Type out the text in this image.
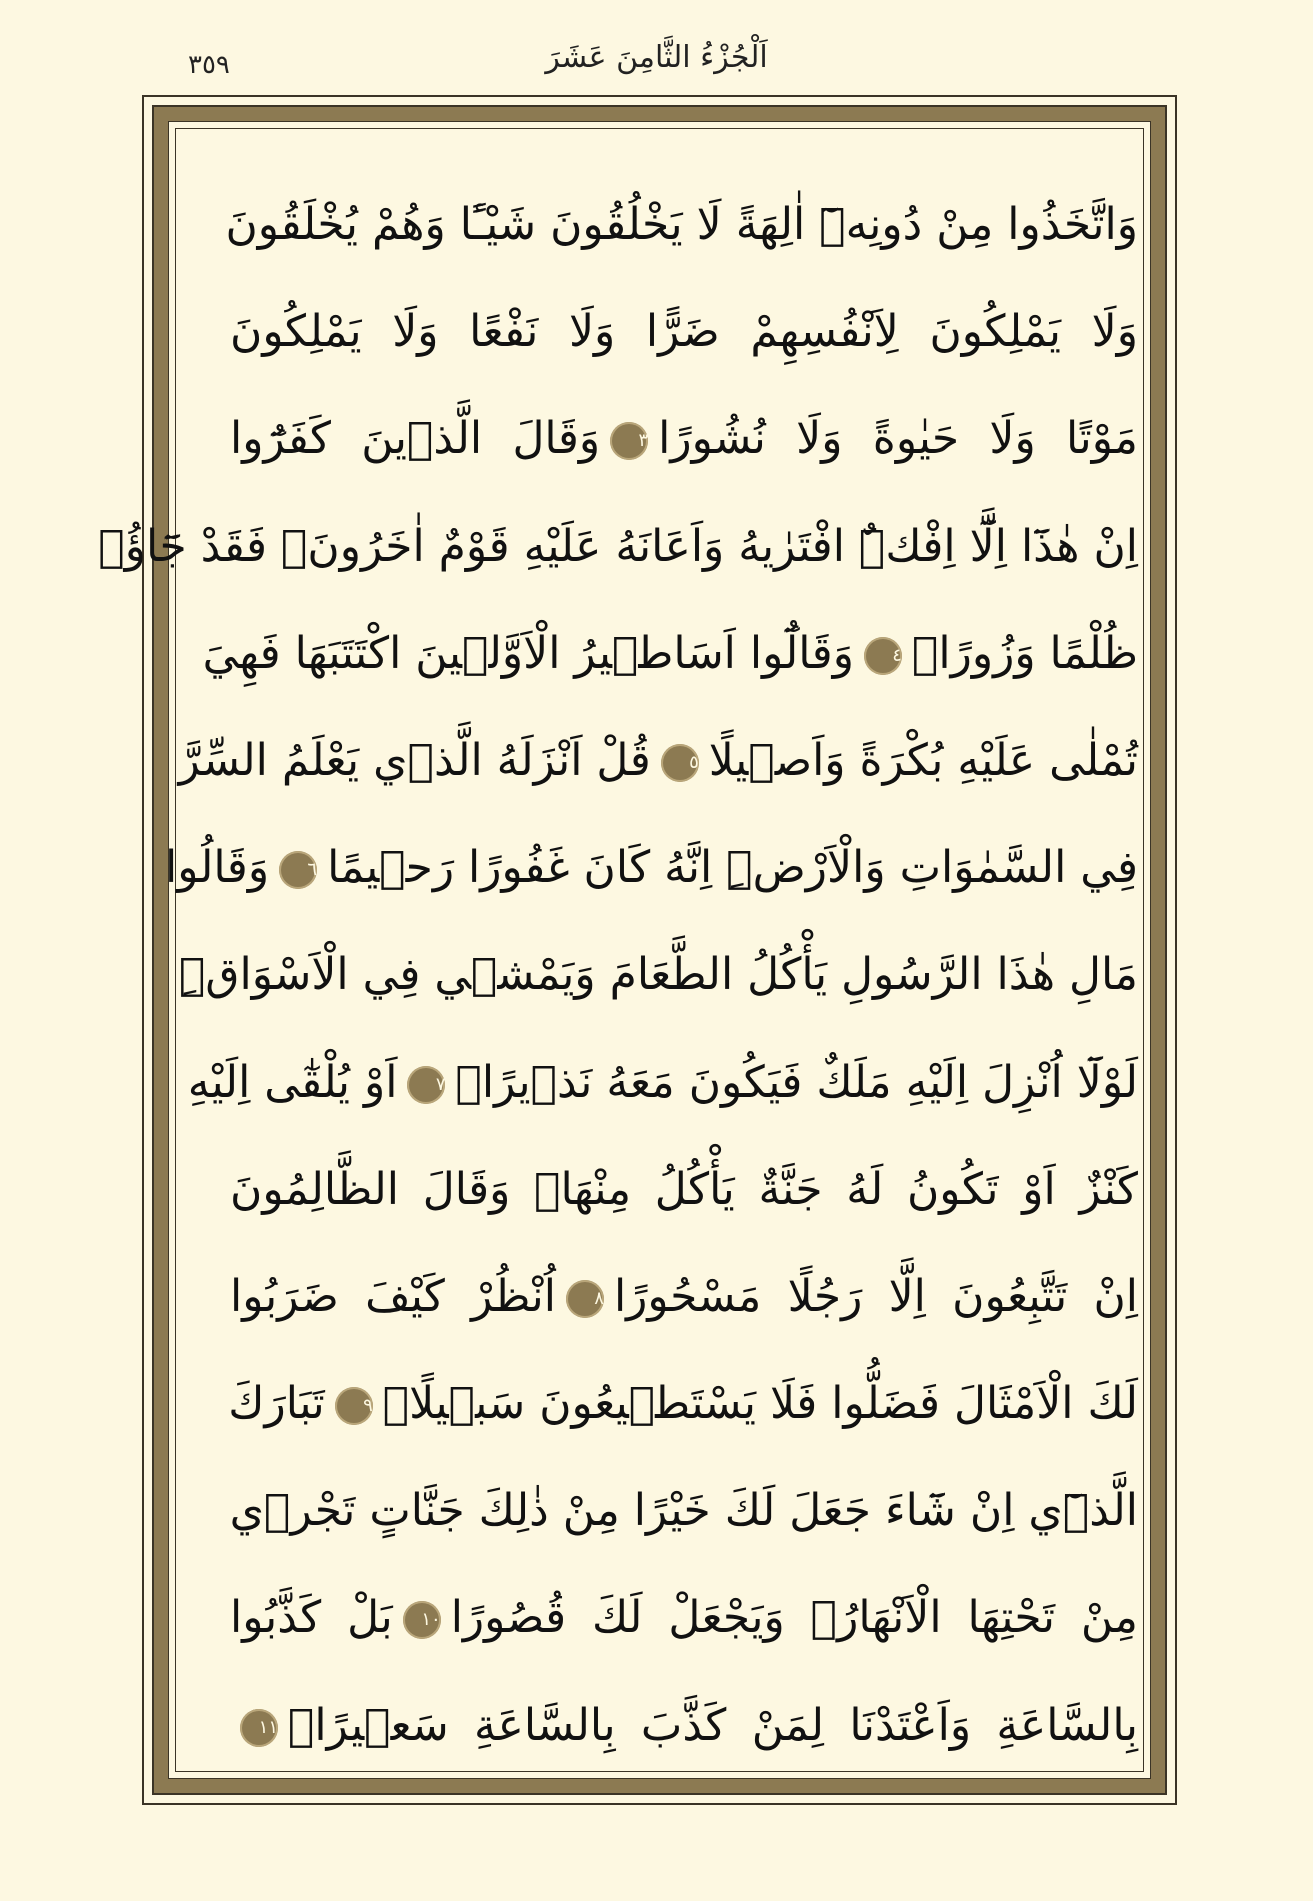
٣٥٩	اَلْجُزْءُ الثَّامِنَ عَشَرَ
وَاتَّخَذُوا مِنْ دُونِه۪ٓ اٰلِهَةً لَا يَخْلُقُونَ شَيْـًٔا وَهُمْ يُخْلَقُونَ
وَلَا يَمْلِكُونَ لِاَنْفُسِهِمْ ضَرًّا وَلَا نَفْعًا وَلَا يَمْلِكُونَ
مَوْتًا وَلَا حَيٰوةً وَلَا نُشُورًا٣وَقَالَ الَّذ۪ينَ كَفَرُٓوا
اِنْ هٰذَٓا اِلَّٓا اِفْكٌۨ افْتَرٰيهُ وَاَعَانَهُ عَلَيْهِ قَوْمٌ اٰخَرُونَۚ فَقَدْ جَٓاؤُ۫
ظُلْمًا وَزُورًاۚ٤وَقَالُٓوا اَسَاط۪يرُ الْاَوَّل۪ينَ اكْتَتَبَهَا فَهِيَ
تُمْلٰى عَلَيْهِ بُكْرَةً وَاَص۪يلًا٥قُلْ اَنْزَلَهُ الَّذ۪ي يَعْلَمُ السِّرَّ
فِي السَّمٰوَاتِ وَالْاَرْضِۜ اِنَّهُ كَانَ غَفُورًا رَح۪يمًا٦وَقَالُوا
مَالِ هٰذَا الرَّسُولِ يَأْكُلُ الطَّعَامَ وَيَمْش۪ي فِي الْاَسْوَاقِۜ
لَوْلَٓا اُنْزِلَ اِلَيْهِ مَلَكٌ فَيَكُونَ مَعَهُ نَذ۪يرًاۙ٧اَوْ يُلْقٰٓى اِلَيْهِ
كَنْزٌ اَوْ تَكُونُ لَهُ جَنَّةٌ يَأْكُلُ مِنْهَاۜ وَقَالَ الظَّالِمُونَ
اِنْ تَتَّبِعُونَ اِلَّا رَجُلًا مَسْحُورًا٨اُنْظُرْ كَيْفَ ضَرَبُوا
لَكَ الْاَمْثَالَ فَضَلُّوا فَلَا يَسْتَط۪يعُونَ سَب۪يلًاۘ٩تَبَارَكَ
الَّذ۪ٓي اِنْ شَٓاءَ جَعَلَ لَكَ خَيْرًا مِنْ ذٰلِكَ جَنَّاتٍ تَجْر۪ي
مِنْ تَحْتِهَا الْاَنْهَارُۙ وَيَجْعَلْ لَكَ قُصُورًا١٠بَلْ كَذَّبُوا
بِالسَّاعَةِ وَاَعْتَدْنَا لِمَنْ كَذَّبَ بِالسَّاعَةِ سَع۪يرًاۚ١١
